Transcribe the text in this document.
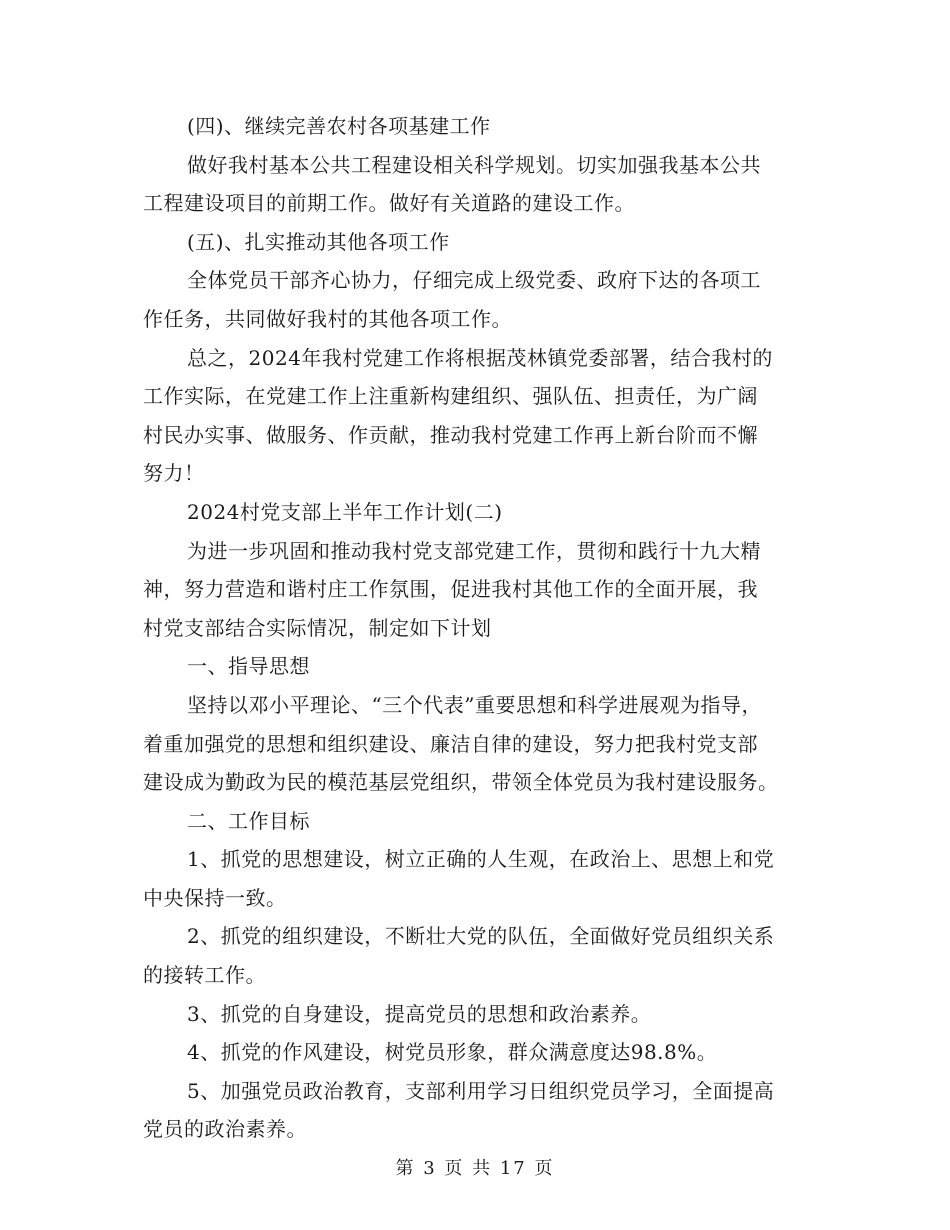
(四)、继续完善农村各项基建工作
做好我村基本公共工程建设相关科学规划。切实加强我基本公共
工程建设项目的前期工作。做好有关道路的建设工作。
(五)、扎实推动其他各项工作
全体党员干部齐心协力，仔细完成上级党委、政府下达的各项工
作任务，共同做好我村的其他各项工作。
总之，2024年我村党建工作将根据茂林镇党委部署，结合我村的
工作实际，在党建工作上注重新构建组织、强队伍、担责任，为广阔
村民办实事、做服务、作贡献，推动我村党建工作再上新台阶而不懈
努力！
2024村党支部上半年工作计划(二)
为进一步巩固和推动我村党支部党建工作，贯彻和践行十九大精
神，努力营造和谐村庄工作氛围，促进我村其他工作的全面开展，我
村党支部结合实际情况，制定如下计划
一、指导思想
坚持以邓小平理论、“三个代表”重要思想和科学进展观为指导，
着重加强党的思想和组织建设、廉洁自律的建设，努力把我村党支部
建设成为勤政为民的模范基层党组织，带领全体党员为我村建设服务。
二、工作目标
1、抓党的思想建设，树立正确的人生观，在政治上、思想上和党
中央保持一致。
2、抓党的组织建设，不断壮大党的队伍，全面做好党员组织关系
的接转工作。
3、抓党的自身建设，提高党员的思想和政治素养。
4、抓党的作风建设，树党员形象，群众满意度达98.8%。
5、加强党员政治教育，支部利用学习日组织党员学习，全面提高
党员的政治素养。
第 3 页 共 17 页
